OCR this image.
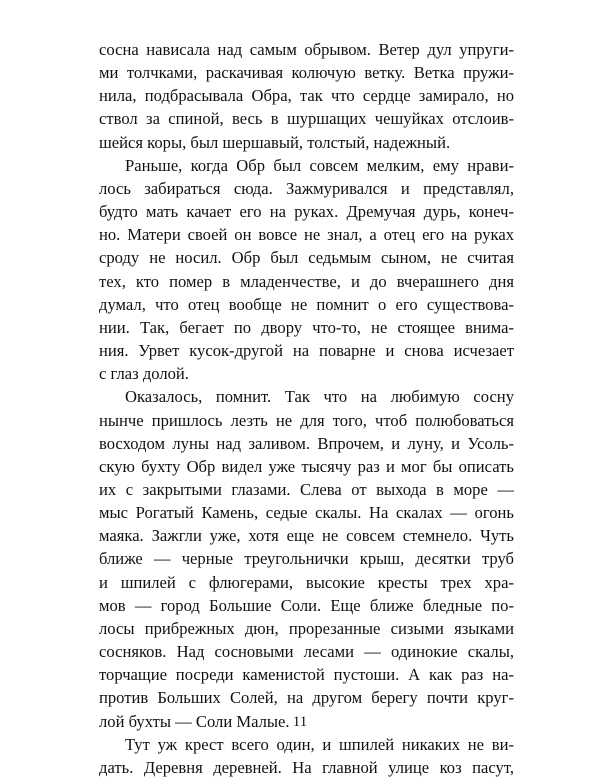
сосна нависала над самым обрывом. Ветер дул упруги-
ми толчками, раскачивая колючую ветку. Ветка пружи-
нила, подбрасывала Обра, так что сердце замирало, но
ствол за спиной, весь в шуршащих чешуйках отслоив-
шейся коры, был шершавый, толстый, надежный.
Раньше, когда Обр был совсем мелким, ему нрави-
лось забираться сюда. Зажмуривался и представлял,
будто мать качает его на руках. Дремучая дурь, конеч-
но. Матери своей он вовсе не знал, а отец его на руках
сроду не носил. Обр был седьмым сыном, не считая
тех, кто помер в младенчестве, и до вчерашнего дня
думал, что отец вообще не помнит о его существова-
нии. Так, бегает по двору что-то, не стоящее внима-
ния. Урвет кусок-другой на поварне и снова исчезает
с глаз долой.
Оказалось, помнит. Так что на любимую сосну
нынче пришлось лезть не для того, чтоб полюбоваться
восходом луны над заливом. Впрочем, и луну, и Усоль-
скую бухту Обр видел уже тысячу раз и мог бы описать
их с закрытыми глазами. Слева от выхода в море —
мыс Рогатый Камень, седые скалы. На скалах — огонь
маяка. Зажгли уже, хотя еще не совсем стемнело. Чуть
ближе — черные треугольнички крыш, десятки труб
и шпилей с флюгерами, высокие кресты трех хра-
мов — город Большие Соли. Еще ближе бледные по-
лосы прибрежных дюн, прорезанные сизыми языками
сосняков. Над сосновыми лесами — одинокие скалы,
торчащие посреди каменистой пустоши. А как раз на-
против Больших Солей, на другом берегу почти круг-
лой бухты — Соли Малые.
Тут уж крест всего один, и шпилей никаких не ви-
дать. Деревня деревней. На главной улице коз пасут,
11
